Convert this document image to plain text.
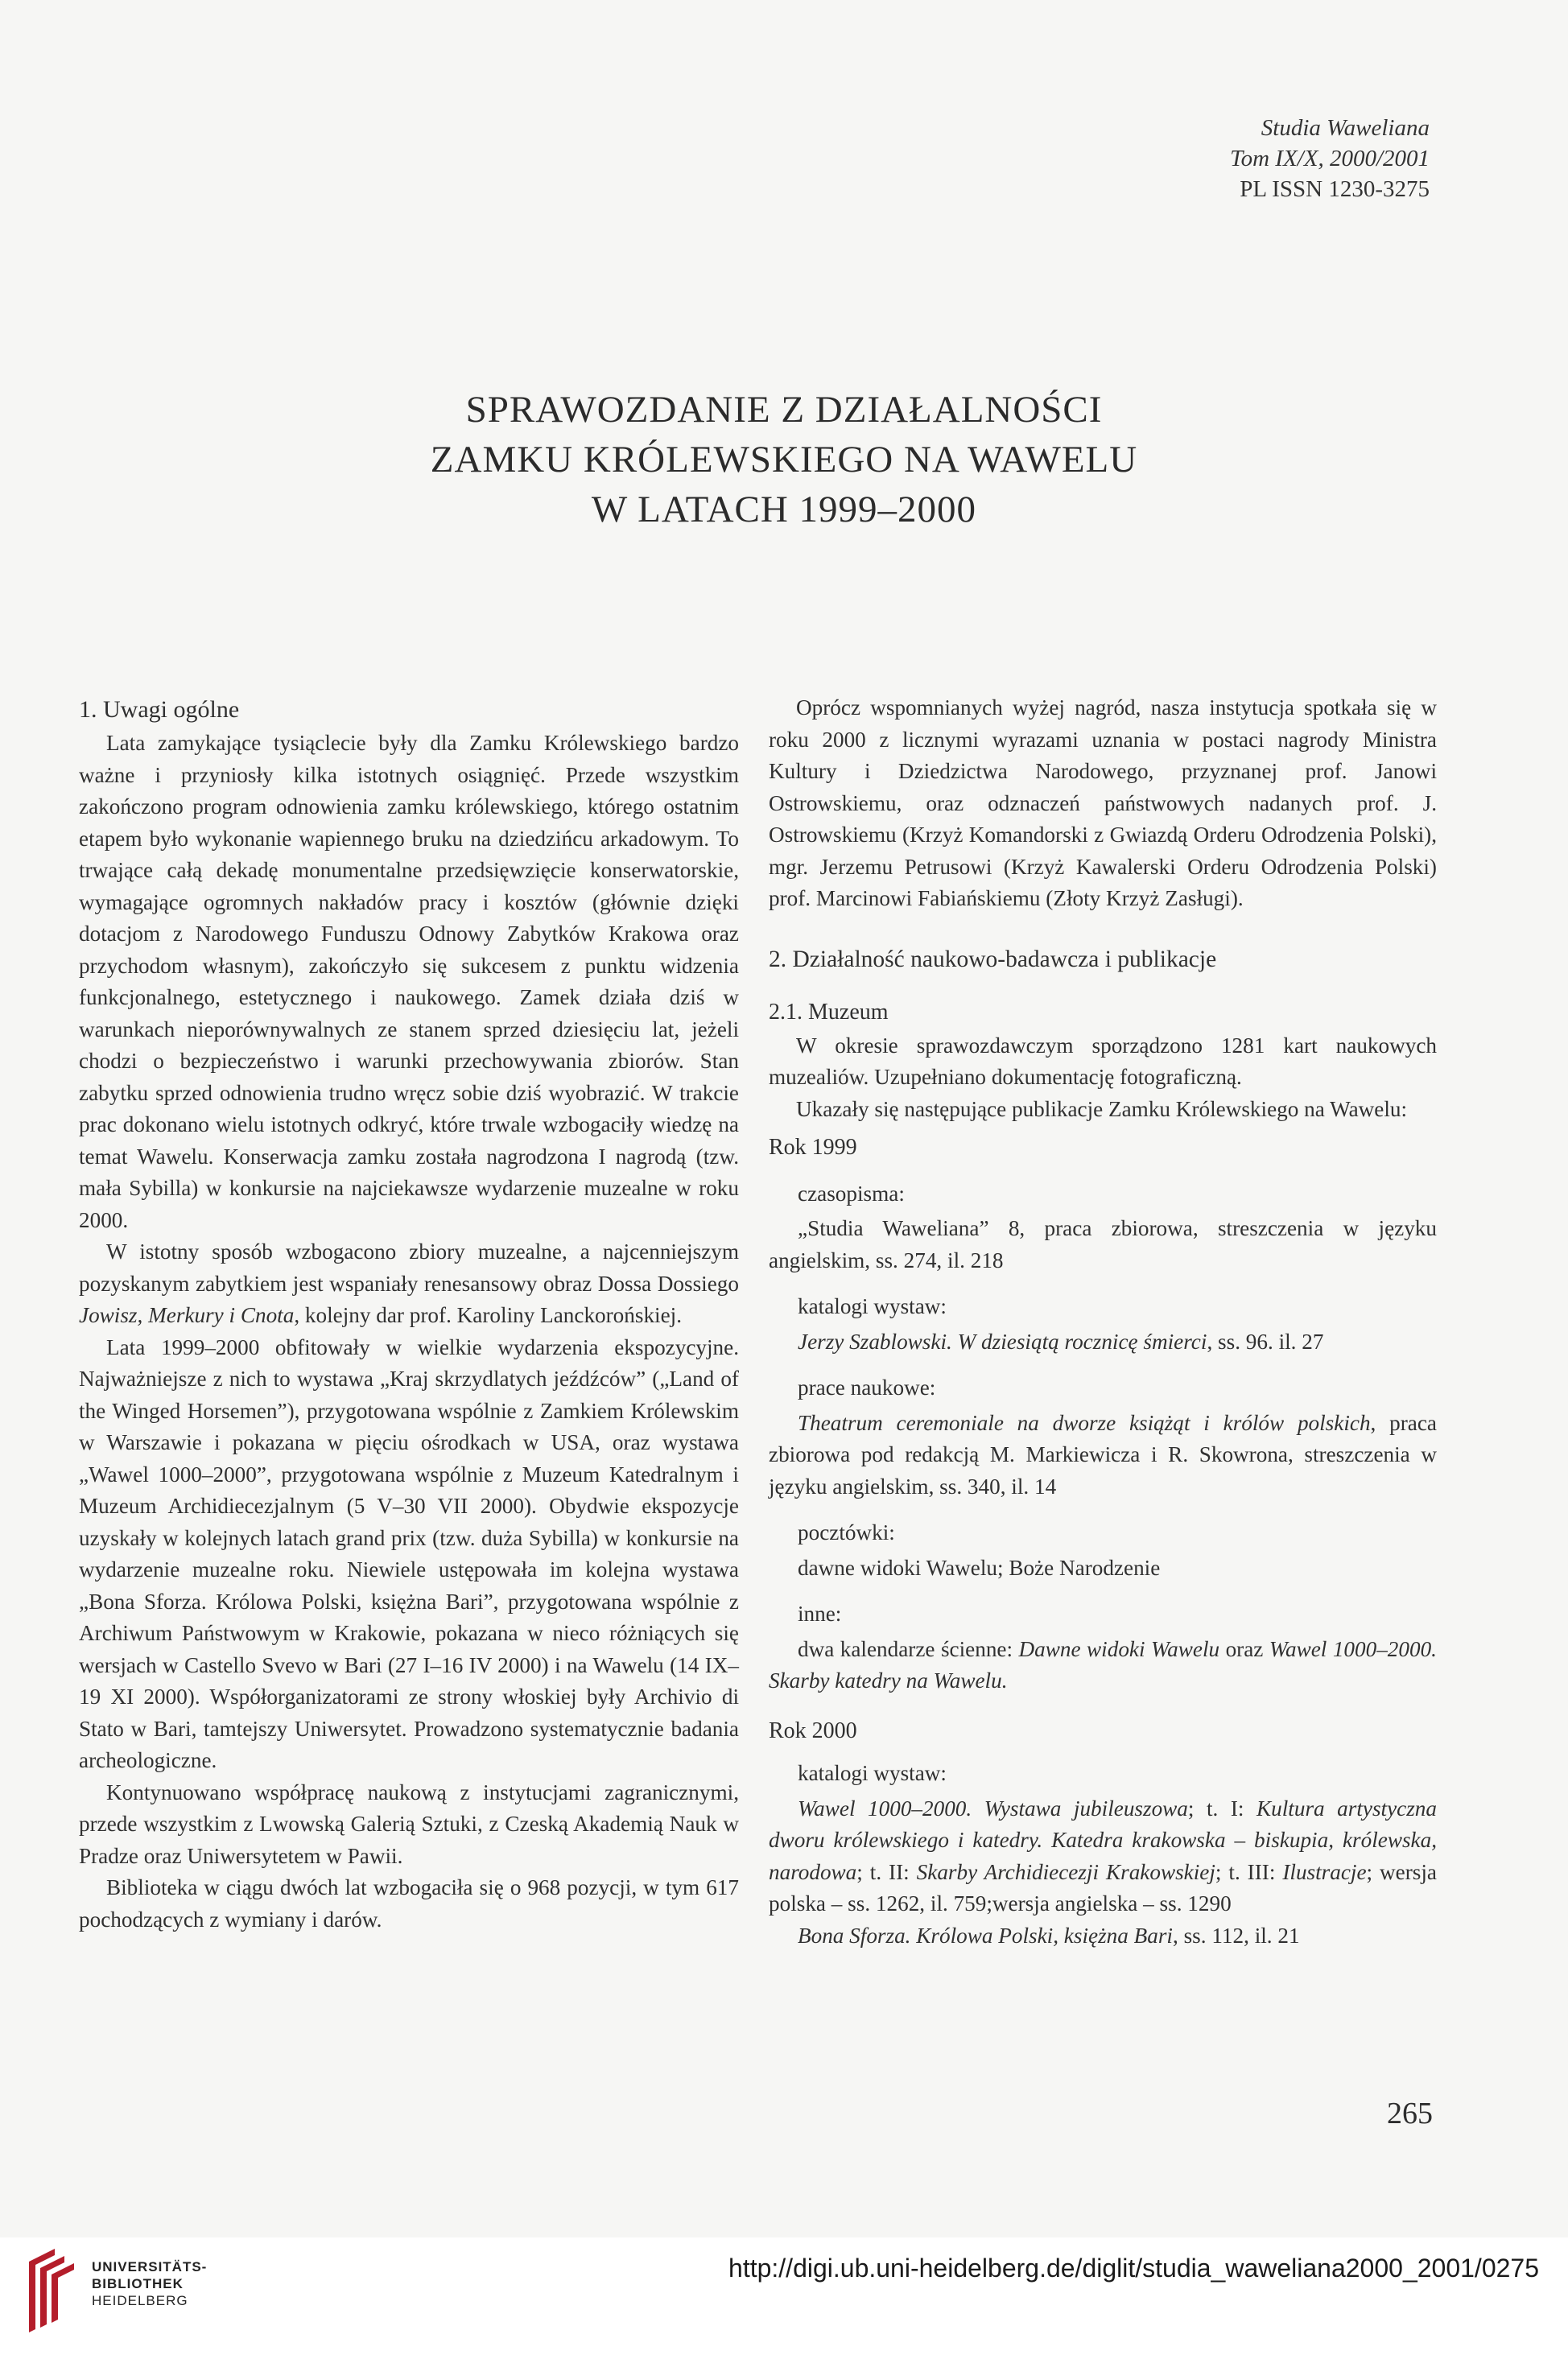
Studia Waweliana
Tom IX/X, 2000/2001
PL ISSN 1230-3275
SPRAWOZDANIE Z DZIAŁALNOŚCI
ZAMKU KRÓLEWSKIEGO NA WAWELU
W LATACH 1999–2000

1. Uwagi ogólne

Lata zamykające tysiąclecie były dla Zamku Królewskiego bardzo ważne i przyniosły kilka istotnych osiągnięć. Przede wszystkim zakończono program odnowienia zamku królewskiego, którego ostatnim etapem było wykonanie wapiennego bruku na dziedzińcu arkadowym. To trwające całą dekadę monumentalne przedsięwzięcie konserwatorskie, wymagające ogromnych nakładów pracy i kosztów (głównie dzięki dotacjom z Narodowego Funduszu Odnowy Zabytków Krakowa oraz przychodom własnym), zakończyło się sukcesem z punktu widzenia funkcjonalnego, estetycznego i naukowego. Zamek działa dziś w warunkach nieporównywalnych ze stanem sprzed dziesięciu lat, jeżeli chodzi o bezpieczeństwo i warunki przechowywania zbiorów. Stan zabytku sprzed odnowienia trudno wręcz sobie dziś wyobrazić. W trakcie prac dokonano wielu istotnych odkryć, które trwale wzbogaciły wiedzę na temat Wawelu. Konserwacja zamku została nagrodzona I nagrodą (tzw. mała Sybilla) w konkursie na najciekawsze wydarzenie muzealne w roku 2000.

W istotny sposób wzbogacono zbiory muzealne, a najcenniejszym pozyskanym zabytkiem jest wspaniały renesansowy obraz Dossa Dossiego Jowisz, Merkury i Cnota, kolejny dar prof. Karoliny Lanckorońskiej.

Lata 1999–2000 obfitowały w wielkie wydarzenia ekspozycyjne. Najważniejsze z nich to wystawa „Kraj skrzydlatych jeźdźców” („Land of the Winged Horsemen”), przygotowana wspólnie z Zamkiem Królewskim w Warszawie i pokazana w pięciu ośrodkach w USA, oraz wystawa „Wawel 1000–2000”, przygotowana wspólnie z Muzeum Katedralnym i Muzeum Archidiecezjalnym (5 V–30 VII 2000). Obydwie ekspozycje uzyskały w kolejnych latach grand prix (tzw. duża Sybilla) w konkursie na wydarzenie muzealne roku. Niewiele ustępowała im kolejna wystawa „Bona Sforza. Królowa Polski, księżna Bari”, przygotowana wspólnie z Archiwum Państwowym w Krakowie, pokazana w nieco różniących się wersjach w Castello Svevo w Bari (27 I–16 IV 2000) i na Wawelu (14 IX–19 XI 2000). Współorganizatorami ze strony włoskiej były Archivio di Stato w Bari, tamtejszy Uniwersytet. Prowadzono systematycznie badania archeologiczne.

Kontynuowano współpracę naukową z instytucjami zagranicznymi, przede wszystkim z Lwowską Galerią Sztuki, z Czeską Akademią Nauk w Pradze oraz Uniwersytetem w Pawii.

Biblioteka w ciągu dwóch lat wzbogaciła się o 968 pozycji, w tym 617 pochodzących z wymiany i darów.

Oprócz wspomnianych wyżej nagród, nasza instytucja spotkała się w roku 2000 z licznymi wyrazami uznania w postaci nagrody Ministra Kultury i Dziedzictwa Narodowego, przyznanej prof. Janowi Ostrowskiemu, oraz odznaczeń państwowych nadanych prof. J. Ostrowskiemu (Krzyż Komandorski z Gwiazdą Orderu Odrodzenia Polski), mgr. Jerzemu Petrusowi (Krzyż Kawalerski Orderu Odrodzenia Polski) prof. Marcinowi Fabiańskiemu (Złoty Krzyż Zasługi).

2. Działalność naukowo-badawcza i publikacje

2.1. Muzeum

W okresie sprawozdawczym sporządzono 1281 kart naukowych muzealiów. Uzupełniano dokumentację fotograficzną.

Ukazały się następujące publikacje Zamku Królewskiego na Wawelu:

Rok 1999

czasopisma:

„Studia Waweliana” 8, praca zbiorowa, streszczenia w języku angielskim, ss. 274, il. 218

katalogi wystaw:

Jerzy Szablowski. W dziesiątą rocznicę śmierci, ss. 96. il. 27

prace naukowe:

Theatrum ceremoniale na dworze książąt i królów polskich, praca zbiorowa pod redakcją M. Markiewicza i R. Skowrona, streszczenia w języku angielskim, ss. 340, il. 14

pocztówki:

dawne widoki Wawelu; Boże Narodzenie

inne:

dwa kalendarze ścienne: Dawne widoki Wawelu oraz Wawel 1000–2000. Skarby katedry na Wawelu.

Rok 2000

katalogi wystaw:

Wawel 1000–2000. Wystawa jubileuszowa; t. I: Kultura artystyczna dworu królewskiego i katedry. Katedra krakowska – biskupia, królewska, narodowa; t. II: Skarby Archidiecezji Krakowskiej; t. III: Ilustracje; wersja polska – ss. 1262, il. 759;wersja angielska – ss. 1290

Bona Sforza. Królowa Polski, księżna Bari, ss. 112, il. 21

265
UNIVERSITÄTS-
BIBLIOTHEK
HEIDELBERG
http://digi.ub.uni-heidelberg.de/diglit/studia_waweliana2000_2001/0275
